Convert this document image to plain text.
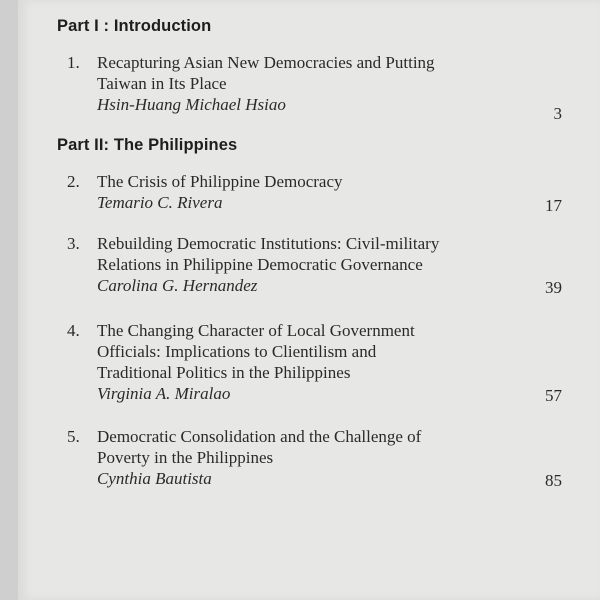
Part I : Introduction
1.	Recapturing Asian New Democracies and Putting
Taiwan in Its Place
Hsin-Huang Michael Hsiao	3
Part II: The Philippines
2.	The Crisis of Philippine Democracy
Temario C. Rivera	17
3.	Rebuilding Democratic Institutions: Civil-military
Relations in Philippine Democratic Governance
Carolina G. Hernandez	39
4.	The Changing Character of Local Government
Officials: Implications to Clientilism and
Traditional Politics in the Philippines
Virginia A. Miralao	57
5.	Democratic Consolidation and the Challenge of
Poverty in the Philippines
Cynthia Bautista	85
